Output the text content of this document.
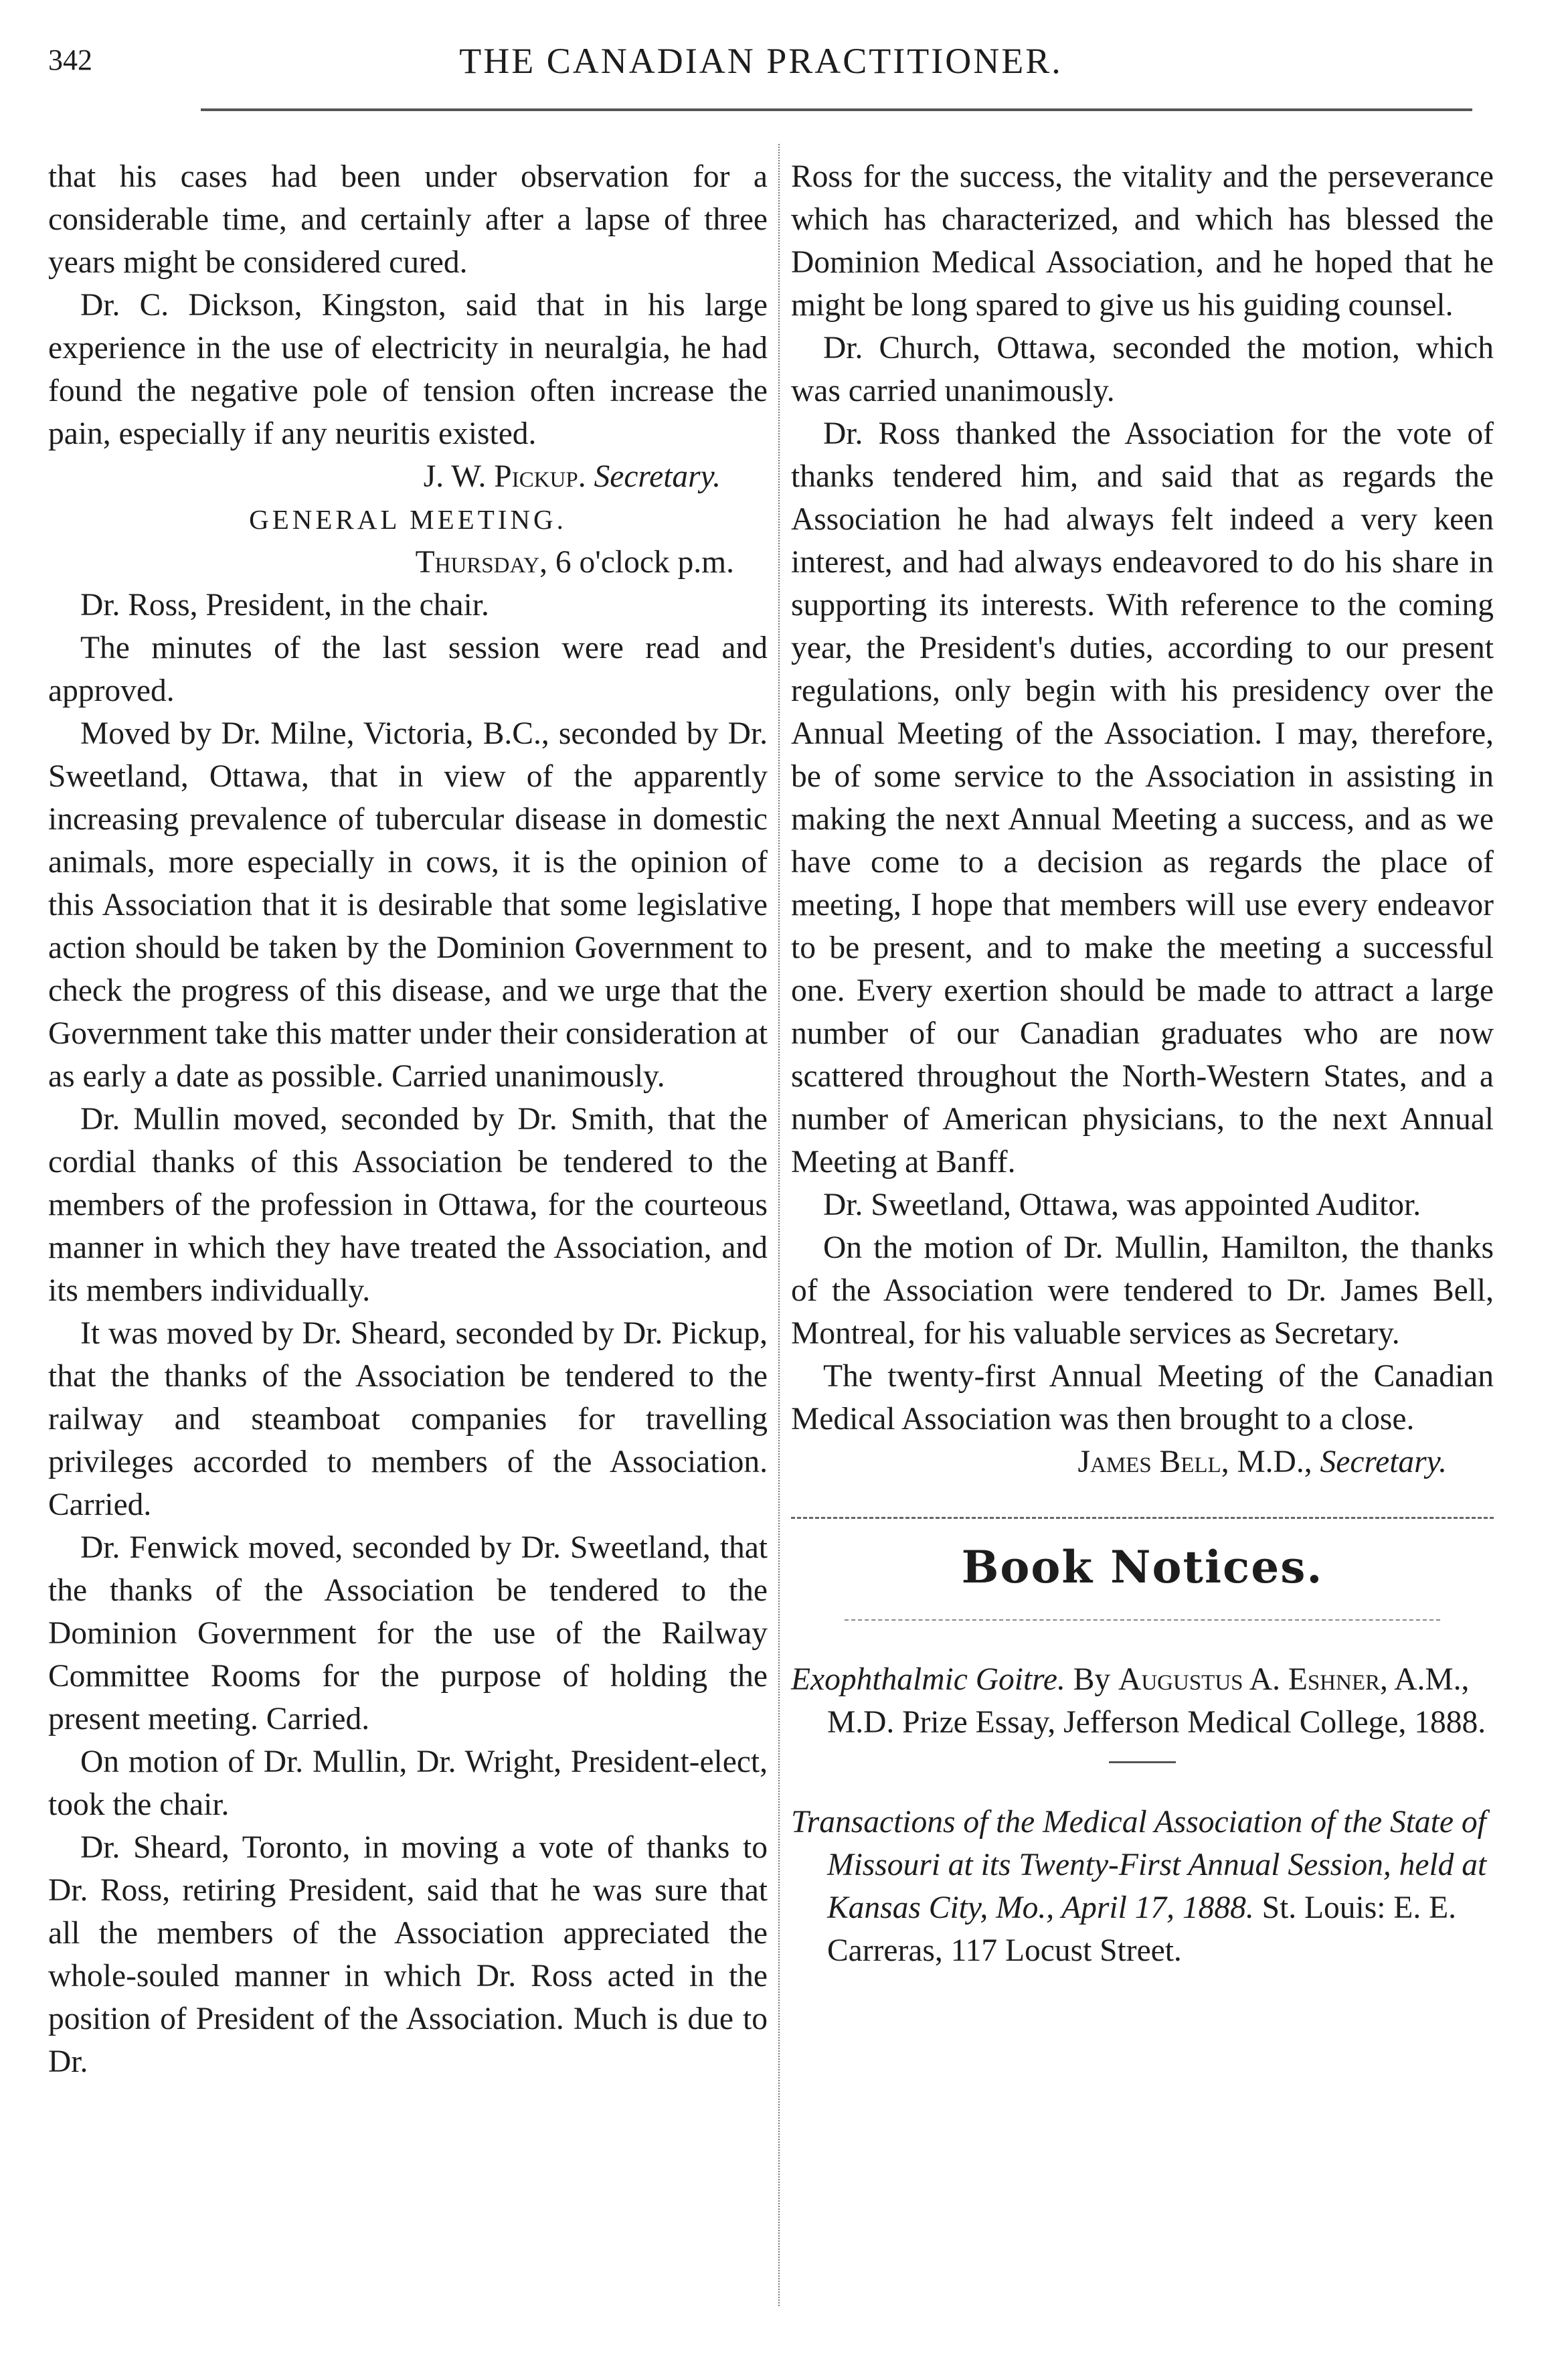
342	THE CANADIAN PRACTITIONER.

that his cases had been under observation for a considerable time, and certainly after a lapse of three years might be considered cured.

Dr. C. Dickson, Kingston, said that in his large experience in the use of electricity in neuralgia, he had found the negative pole of tension often increase the pain, especially if any neuritis existed.

J. W. Pickup. Secretary.

GENERAL MEETING.

Thursday, 6 o'clock p.m.

Dr. Ross, President, in the chair.

The minutes of the last session were read and approved.

Moved by Dr. Milne, Victoria, B.C., seconded by Dr. Sweetland, Ottawa, that in view of the apparently increasing prevalence of tubercular disease in domestic animals, more especially in cows, it is the opinion of this Association that it is desirable that some legislative action should be taken by the Dominion Government to check the progress of this disease, and we urge that the Government take this matter under their consideration at as early a date as possible. Carried unanimously.

Dr. Mullin moved, seconded by Dr. Smith, that the cordial thanks of this Association be tendered to the members of the profession in Ottawa, for the courteous manner in which they have treated the Association, and its members individually.

It was moved by Dr. Sheard, seconded by Dr. Pickup, that the thanks of the Association be tendered to the railway and steamboat companies for travelling privileges accorded to members of the Association. Carried.

Dr. Fenwick moved, seconded by Dr. Sweetland, that the thanks of the Association be tendered to the Dominion Government for the use of the Railway Committee Rooms for the purpose of holding the present meeting. Carried.

On motion of Dr. Mullin, Dr. Wright, President-elect, took the chair.

Dr. Sheard, Toronto, in moving a vote of thanks to Dr. Ross, retiring President, said that he was sure that all the members of the Association appreciated the whole-souled manner in which Dr. Ross acted in the position of President of the Association. Much is due to Dr.

Ross for the success, the vitality and the perseverance which has characterized, and which has blessed the Dominion Medical Association, and he hoped that he might be long spared to give us his guiding counsel.

Dr. Church, Ottawa, seconded the motion, which was carried unanimously.

Dr. Ross thanked the Association for the vote of thanks tendered him, and said that as regards the Association he had always felt indeed a very keen interest, and had always endeavored to do his share in supporting its interests. With reference to the coming year, the President's duties, according to our present regulations, only begin with his presidency over the Annual Meeting of the Association. I may, therefore, be of some service to the Association in assisting in making the next Annual Meeting a success, and as we have come to a decision as regards the place of meeting, I hope that members will use every endeavor to be present, and to make the meeting a successful one. Every exertion should be made to attract a large number of our Canadian graduates who are now scattered throughout the North-Western States, and a number of American physicians, to the next Annual Meeting at Banff.

Dr. Sweetland, Ottawa, was appointed Auditor.

On the motion of Dr. Mullin, Hamilton, the thanks of the Association were tendered to Dr. James Bell, Montreal, for his valuable services as Secretary.

The twenty-first Annual Meeting of the Canadian Medical Association was then brought to a close.

James Bell, M.D., Secretary.

Book Notices.

Exophthalmic Goitre. By Augustus A. Eshner, A.M., M.D. Prize Essay, Jefferson Medical College, 1888.

Transactions of the Medical Association of the State of Missouri at its Twenty-First Annual Session, held at Kansas City, Mo., April 17, 1888. St. Louis: E. E. Carreras, 117 Locust Street.
